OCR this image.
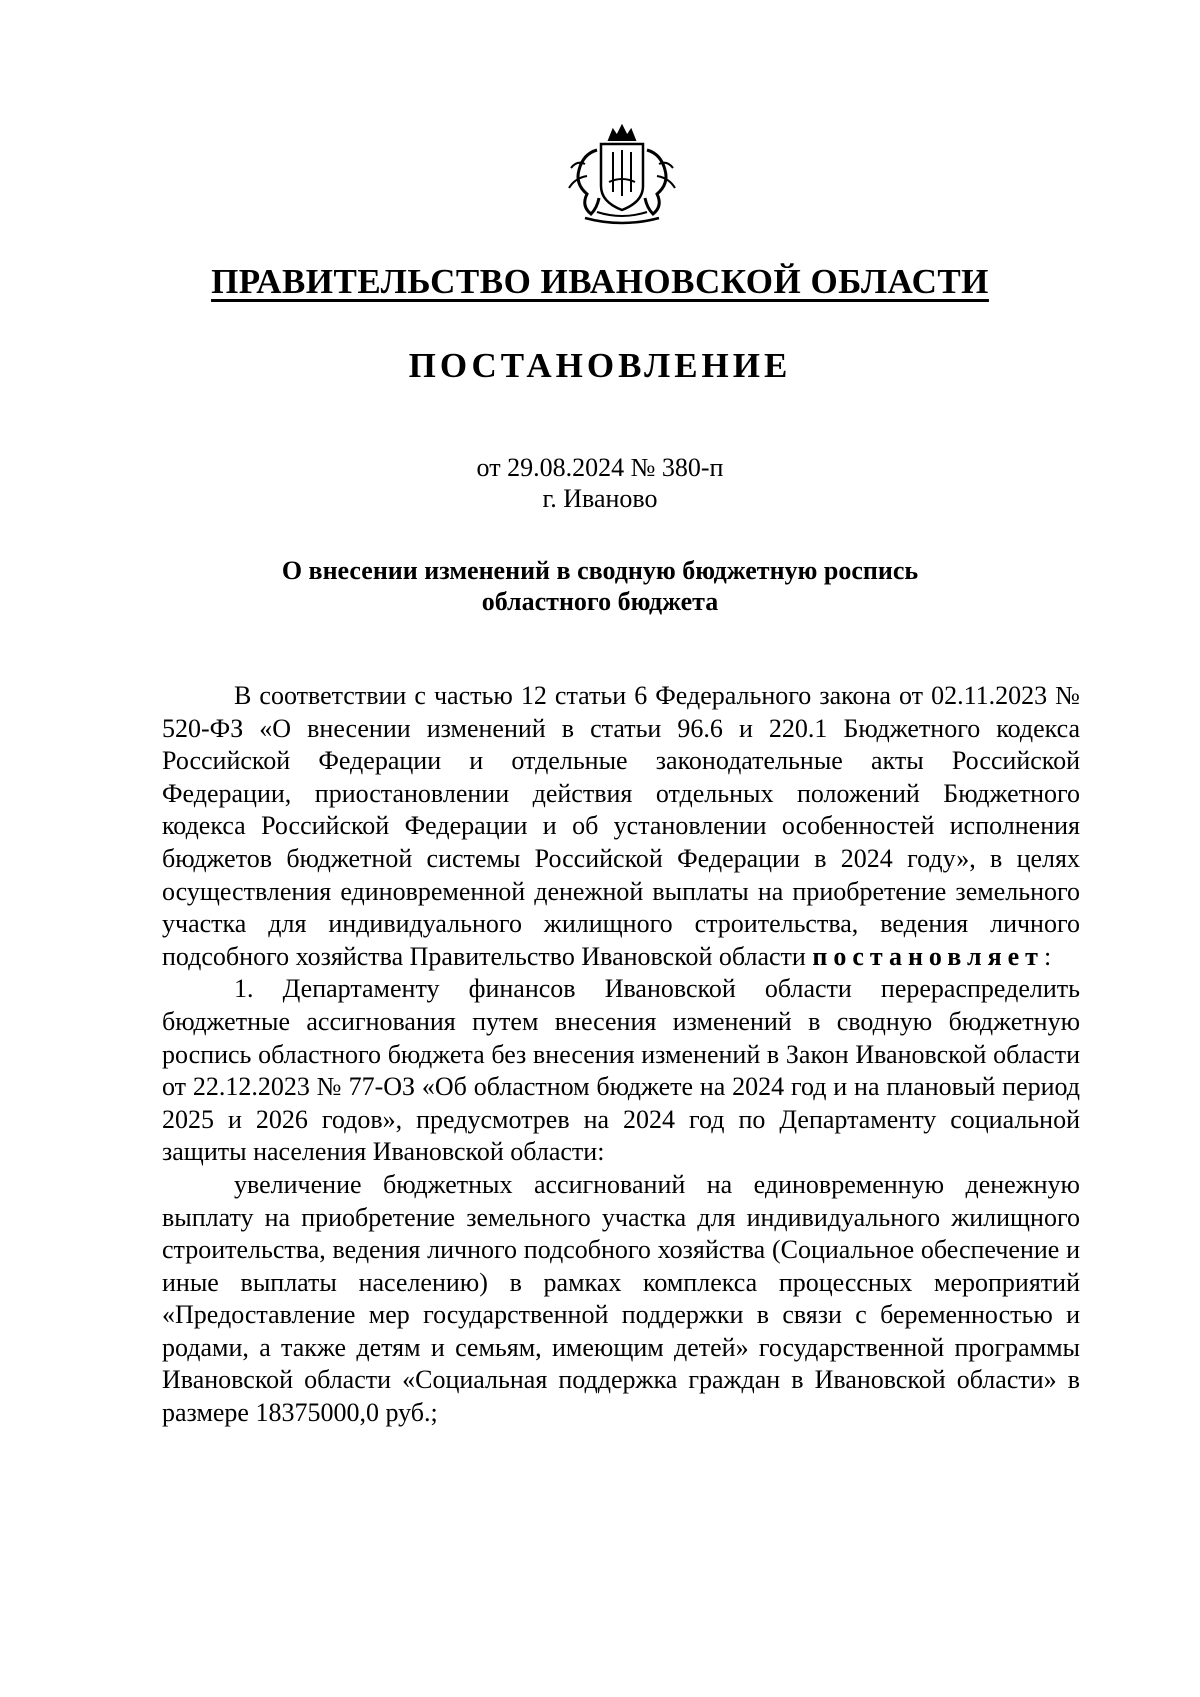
ПРАВИТЕЛЬСТВО ИВАНОВСКОЙ ОБЛАСТИ
ПОСТАНОВЛЕНИЕ
от 29.08.2024 № 380-п
г. Иваново
О внесении изменений в сводную бюджетную роспись
областного бюджета

В соответствии с частью 12 статьи 6 Федерального закона от 02.11.2023 № 520-ФЗ «О внесении изменений в статьи 96.6 и 220.1 Бюджетного кодекса Российской Федерации и отдельные законодательные акты Российской Федерации, приостановлении действия отдельных положений Бюджетного кодекса Российской Федерации и об установлении особенностей исполнения бюджетов бюджетной системы Российской Федерации в 2024 году», в целях осуществления единовременной денежной выплаты на приобретение земельного участка для индивидуального жилищного строительства, ведения личного подсобного хозяйства Правительство Ивановской области постановляет:

1. Департаменту финансов Ивановской области перераспределить бюджетные ассигнования путем внесения изменений в сводную бюджетную роспись областного бюджета без внесения изменений в Закон Ивановской области от 22.12.2023 № 77-ОЗ «Об областном бюджете на 2024 год и на плановый период 2025 и 2026 годов», предусмотрев на 2024 год по Департаменту социальной защиты населения Ивановской области:

увеличение бюджетных ассигнований на единовременную денежную выплату на приобретение земельного участка для индивидуального жилищного строительства, ведения личного подсобного хозяйства (Социальное обеспечение и иные выплаты населению) в рамках комплекса процессных мероприятий «Предоставление мер государственной поддержки в связи с беременностью и родами, а также детям и семьям, имеющим детей» государственной программы Ивановской области «Социальная поддержка граждан в Ивановской области» в размере 18375000,0 руб.;
